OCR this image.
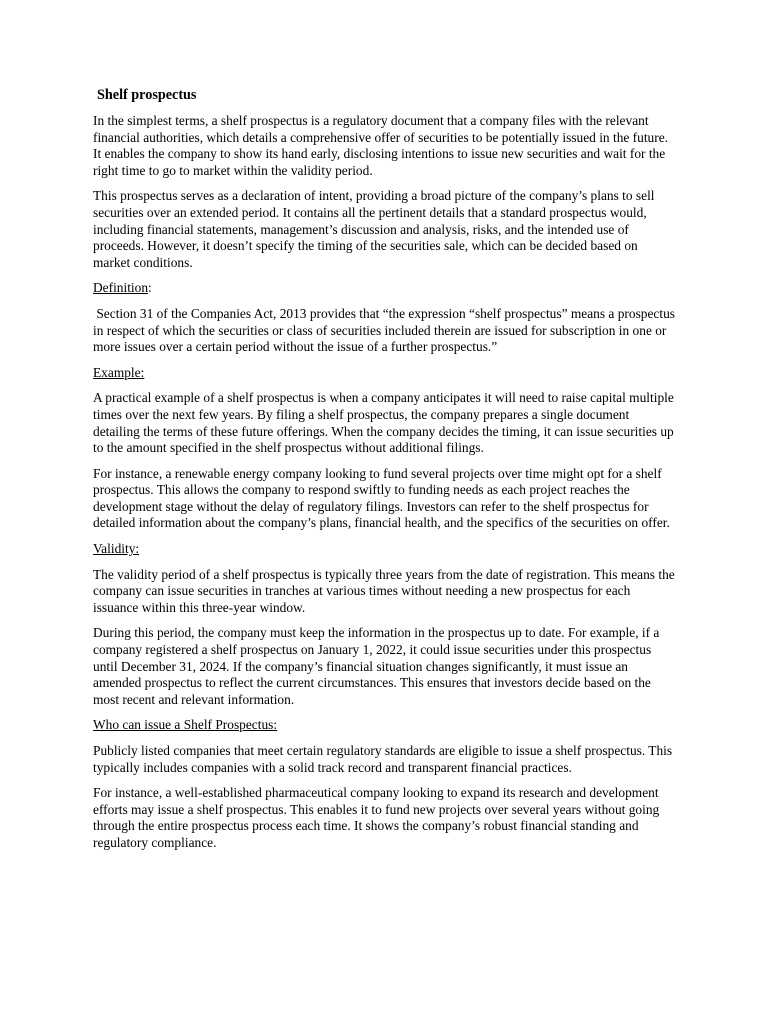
Shelf prospectus

In the simplest terms, a shelf prospectus is a regulatory document that a company files with the relevant financial authorities, which details a comprehensive offer of securities to be potentially issued in the future. It enables the company to show its hand early, disclosing intentions to issue new securities and wait for the right time to go to market within the validity period.

This prospectus serves as a declaration of intent, providing a broad picture of the company’s plans to sell securities over an extended period. It contains all the pertinent details that a standard prospectus would, including financial statements, management’s discussion and analysis, risks, and the intended use of proceeds. However, it doesn’t specify the timing of the securities sale, which can be decided based on market conditions.

Definition:

Section 31 of the Companies Act, 2013 provides that “the expression “shelf prospectus” means a prospectus in respect of which the securities or class of securities included therein are issued for subscription in one or more issues over a certain period without the issue of a further prospectus.”

Example:

A practical example of a shelf prospectus is when a company anticipates it will need to raise capital multiple times over the next few years. By filing a shelf prospectus, the company prepares a single document detailing the terms of these future offerings. When the company decides the timing, it can issue securities up to the amount specified in the shelf prospectus without additional filings.

For instance, a renewable energy company looking to fund several projects over time might opt for a shelf prospectus. This allows the company to respond swiftly to funding needs as each project reaches the development stage without the delay of regulatory filings. Investors can refer to the shelf prospectus for detailed information about the company’s plans, financial health, and the specifics of the securities on offer.

Validity:

The validity period of a shelf prospectus is typically three years from the date of registration. This means the company can issue securities in tranches at various times without needing a new prospectus for each issuance within this three-year window.

During this period, the company must keep the information in the prospectus up to date. For example, if a company registered a shelf prospectus on January 1, 2022, it could issue securities under this prospectus until December 31, 2024. If the company’s financial situation changes significantly, it must issue an amended prospectus to reflect the current circumstances. This ensures that investors decide based on the most recent and relevant information.

Who can issue a Shelf Prospectus:

Publicly listed companies that meet certain regulatory standards are eligible to issue a shelf prospectus. This typically includes companies with a solid track record and transparent financial practices.

For instance, a well-established pharmaceutical company looking to expand its research and development efforts may issue a shelf prospectus. This enables it to fund new projects over several years without going through the entire prospectus process each time. It shows the company’s robust financial standing and regulatory compliance.
